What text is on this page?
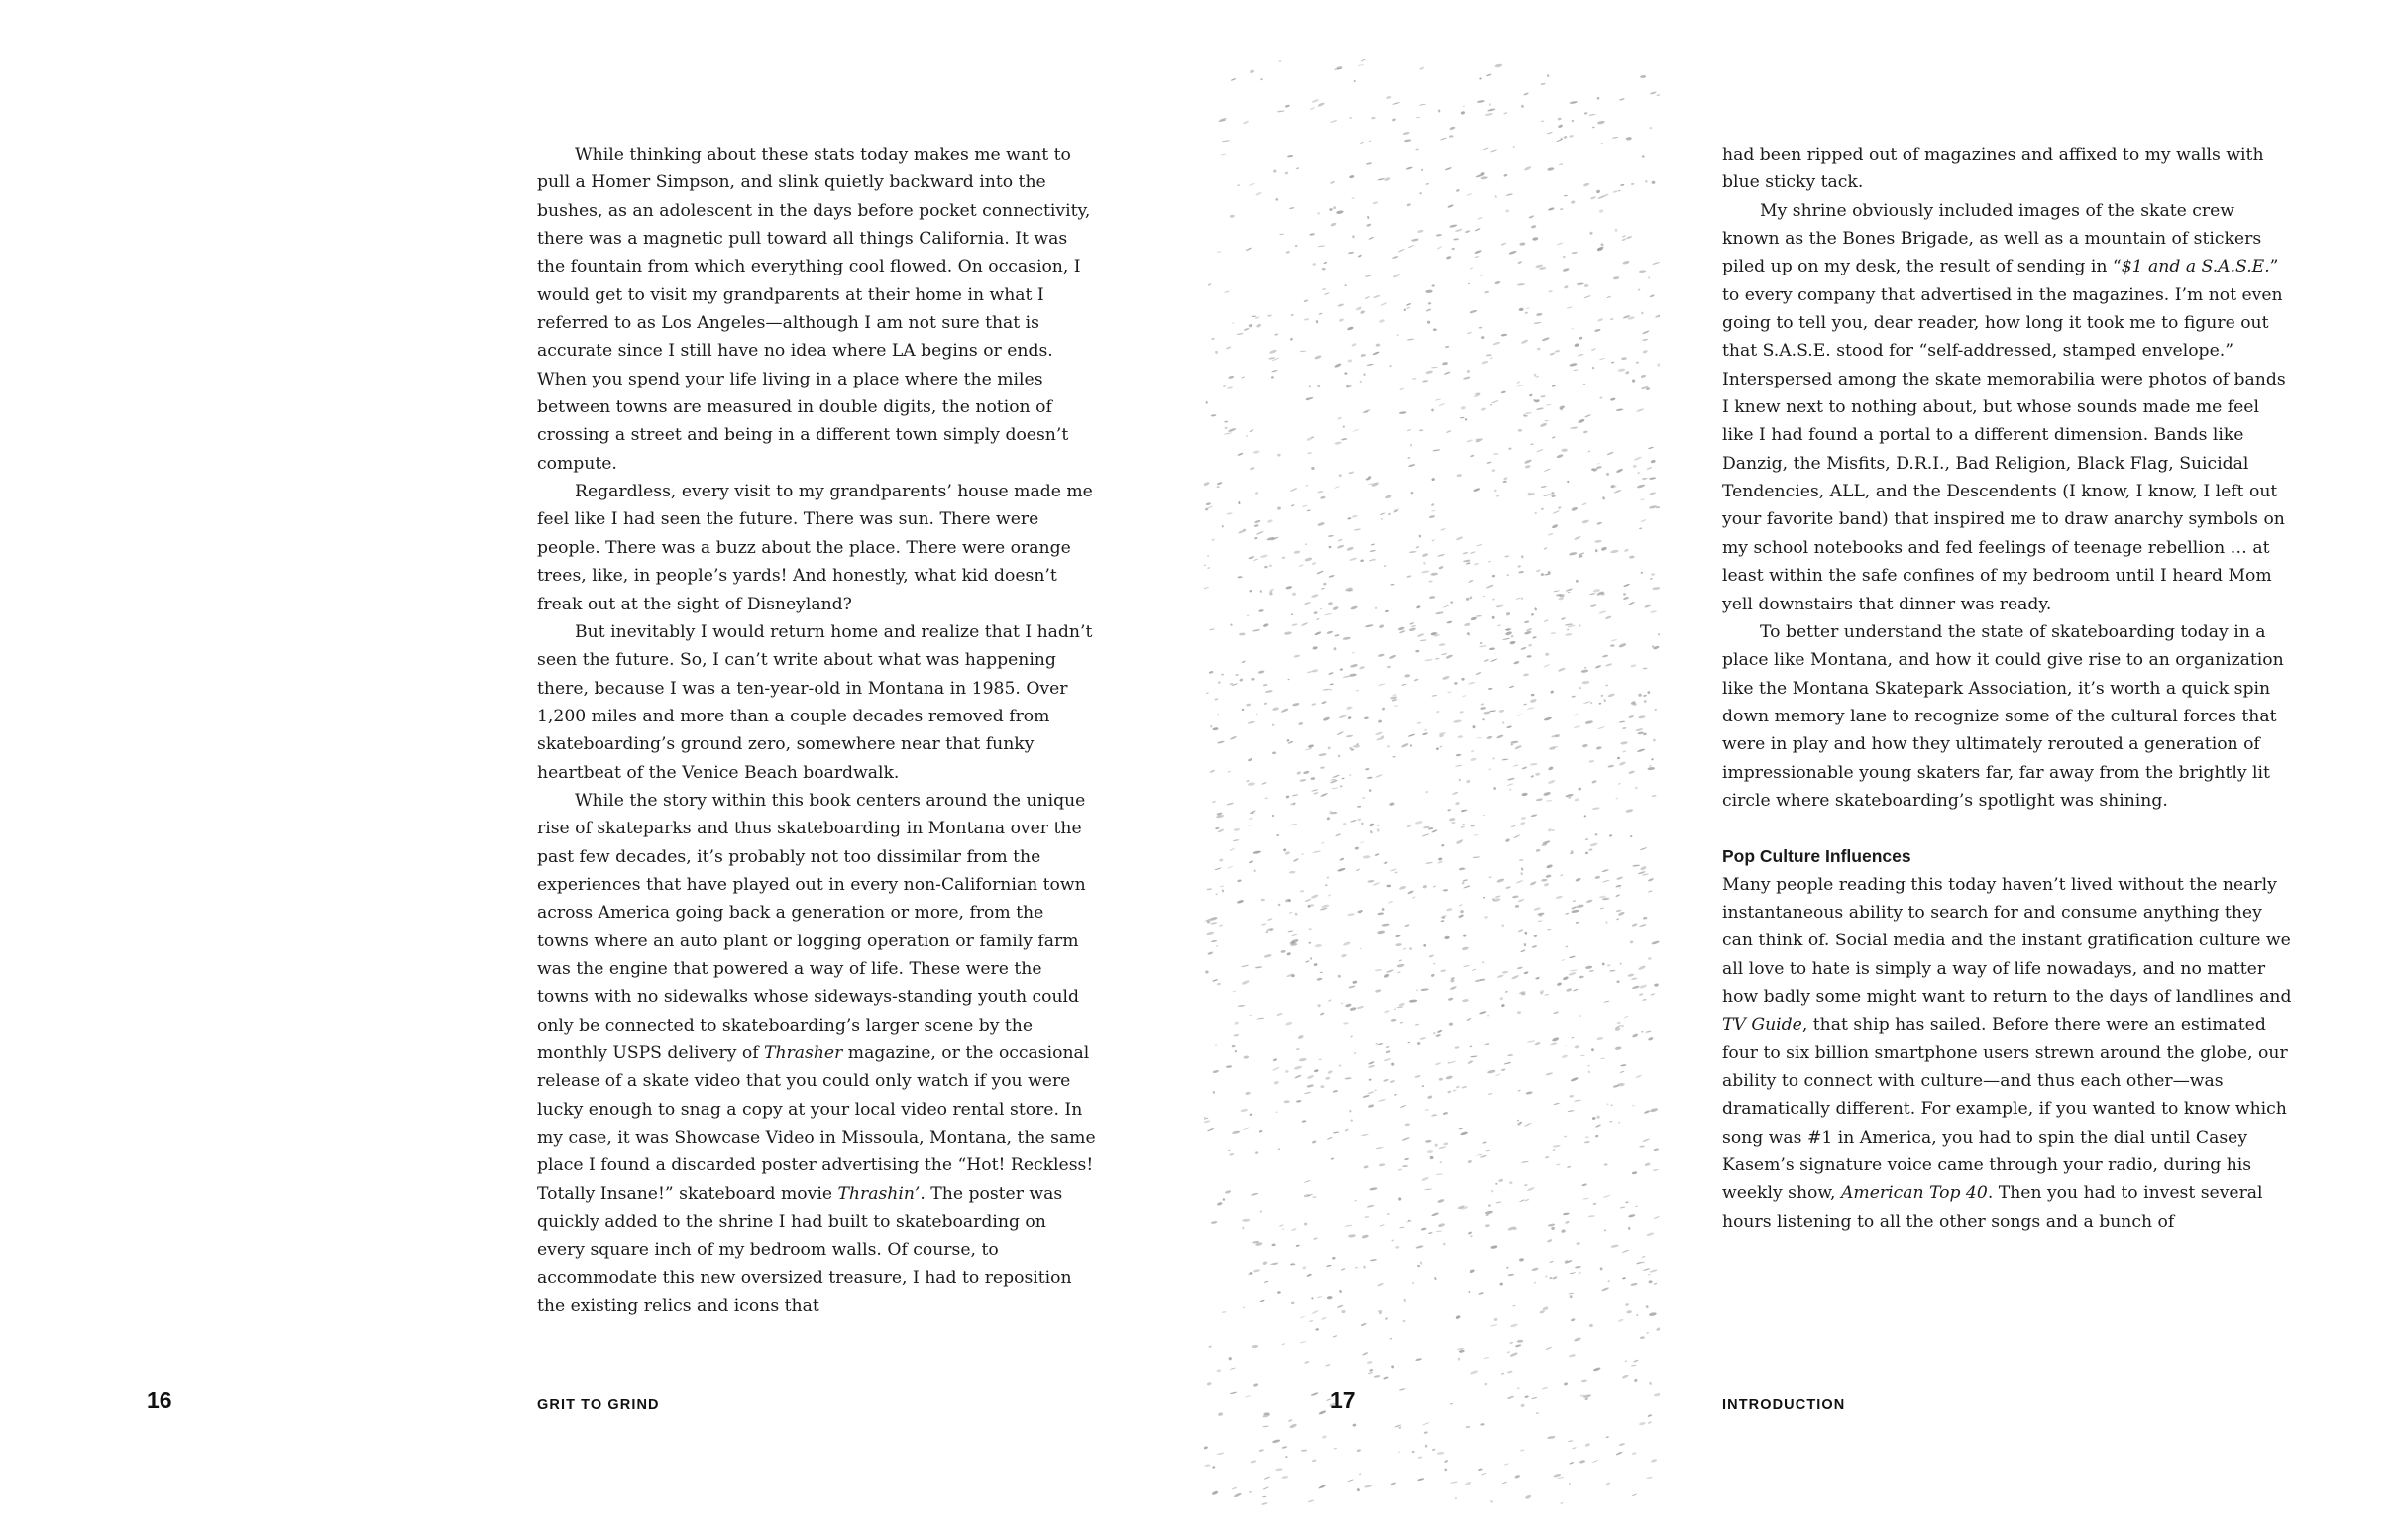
While thinking about these stats today makes me want to pull a Homer Simpson, and slink quietly backward into the bushes, as an adolescent in the days before pocket connectivity, there was a magnetic pull toward all things California. It was the fountain from which everything cool flowed. On occasion, I would get to visit my grandparents at their home in what I referred to as Los Angeles—although I am not sure that is accurate since I still have no idea where LA begins or ends. When you spend your life living in a place where the miles between towns are measured in double digits, the notion of crossing a street and being in a different town simply doesn’t compute.

Regardless, every visit to my grandparents’ house made me feel like I had seen the future. There was sun. There were people. There was a buzz about the place. There were orange trees, like, in people’s yards! And honestly, what kid doesn’t freak out at the sight of Disneyland?

But inevitably I would return home and realize that I hadn’t seen the future. So, I can’t write about what was happening there, because I was a ten-year-old in Montana in 1985. Over 1,200 miles and more than a couple decades removed from skateboarding’s ground zero, somewhere near that funky heartbeat of the Venice Beach boardwalk.

While the story within this book centers around the unique rise of skateparks and thus skateboarding in Montana over the past few decades, it’s probably not too dissimilar from the experiences that have played out in every non-Californian town across America going back a generation or more, from the towns where an auto plant or logging operation or family farm was the engine that powered a way of life. These were the towns with no sidewalks whose sideways-standing youth could only be connected to skateboarding’s larger scene by the monthly USPS delivery of Thrasher magazine, or the occasional release of a skate video that you could only watch if you were lucky enough to snag a copy at your local video rental store. In my case, it was Showcase Video in Missoula, Montana, the same place I found a discarded poster advertising the “Hot! Reckless! Totally Insane!” skateboard movie Thrashin’. The poster was quickly added to the shrine I had built to skateboarding on every square inch of my bedroom walls. Of course, to accommodate this new oversized treasure, I had to reposition the existing relics and icons that

16	GRIT TO GRIND

had been ripped out of magazines and affixed to my walls with blue sticky tack.

My shrine obviously included images of the skate crew known as the Bones Brigade, as well as a mountain of stickers piled up on my desk, the result of sending in “$1 and a S.A.S.E.” to every company that advertised in the magazines. I’m not even going to tell you, dear reader, how long it took me to figure out that S.A.S.E. stood for “self-addressed, stamped envelope.” Interspersed among the skate memorabilia were photos of bands I knew next to nothing about, but whose sounds made me feel like I had found a portal to a different dimension. Bands like Danzig, the Misfits, D.R.I., Bad Religion, Black Flag, Suicidal Tendencies, ALL, and the Descendents (I know, I know, I left out your favorite band) that inspired me to draw anarchy symbols on my school notebooks and fed feelings of teenage rebellion … at least within the safe confines of my bedroom until I heard Mom yell downstairs that dinner was ready.

To better understand the state of skateboarding today in a place like Montana, and how it could give rise to an organization like the Montana Skatepark Association, it’s worth a quick spin down memory lane to recognize some of the cultural forces that were in play and how they ultimately rerouted a generation of impressionable young skaters far, far away from the brightly lit circle where skateboarding’s spotlight was shining.

Pop Culture Influences

Many people reading this today haven’t lived without the nearly instantaneous ability to search for and consume anything they can think of. Social media and the instant gratification culture we all love to hate is simply a way of life nowadays, and no matter how badly some might want to return to the days of landlines and TV Guide, that ship has sailed. Before there were an estimated four to six billion smartphone users strewn around the globe, our ability to connect with culture—and thus each other—was dramatically different. For example, if you wanted to know which song was #1 in America, you had to spin the dial until Casey Kasem’s signature voice came through your radio, during his weekly show, American Top 40. Then you had to invest several hours listening to all the other songs and a bunch of

17	INTRODUCTION
